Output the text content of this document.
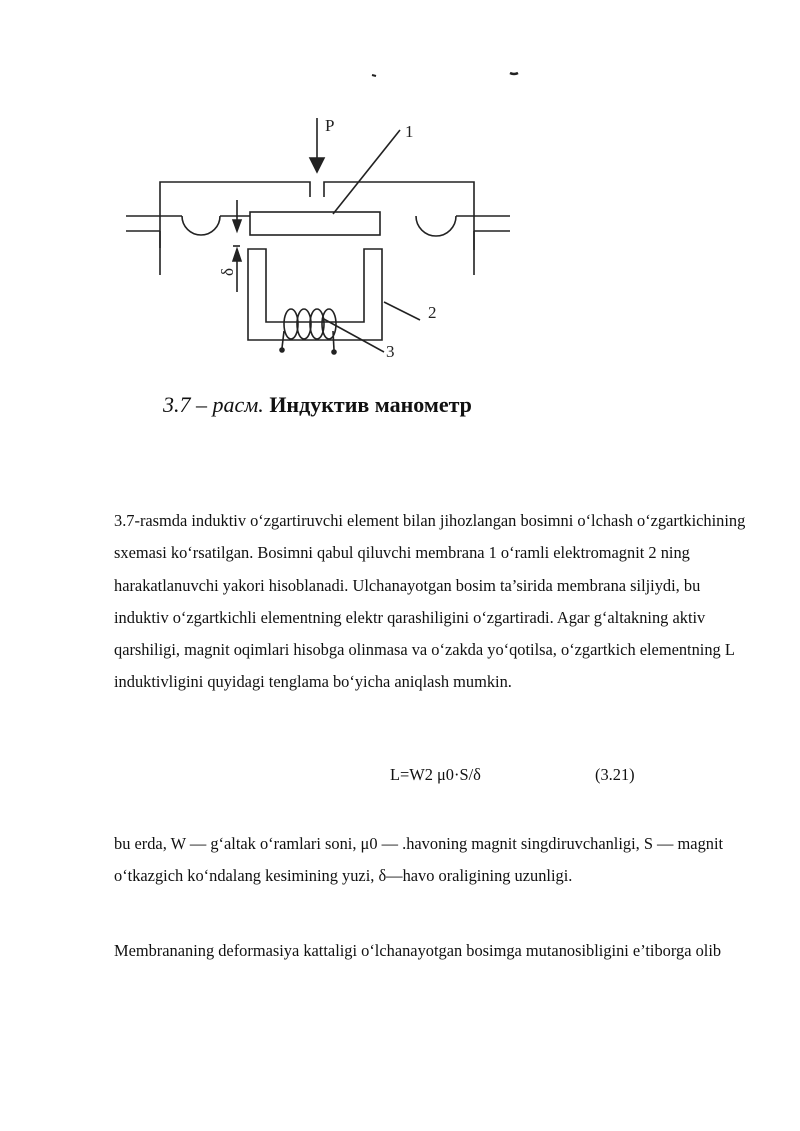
P	1
2
3
δ
3.7 – расм. Индуктив манометр
3.7-rasmda induktiv o‘zgartiruvchi element bilan jihozlangan bosimni o‘lchash o‘zgartkichining sxemasi ko‘rsatilgan. Bosimni qabul qiluvchi membrana 1 o‘ramli elektromagnit 2 ning harakatlanuvchi yakori hisoblanadi. Ulchanayotgan bosim ta’sirida membrana siljiydi, bu induktiv o‘zgartkichli elementning elektr qarashiligini o‘zgartiradi. Agar g‘altakning aktiv qarshiligi, magnit oqimlari hisobga olinmasa va o‘zakda yo‘qotilsa, o‘zgartkich elementning L induktivligini quyidagi tenglama bo‘yicha aniqlash mumkin.
L=W2 μ0·S/δ	(3.21)
bu erda, W — g‘altak o‘ramlari soni, μ0 — .havoning magnit singdiruvchanligi, S — magnit o‘tkazgich ko‘ndalang kesimining yuzi, δ—havo oraligining uzunligi.
Membrananing deformasiya kattaligi o‘lchanayotgan bosimga mutanosibligini e’tiborga olib
